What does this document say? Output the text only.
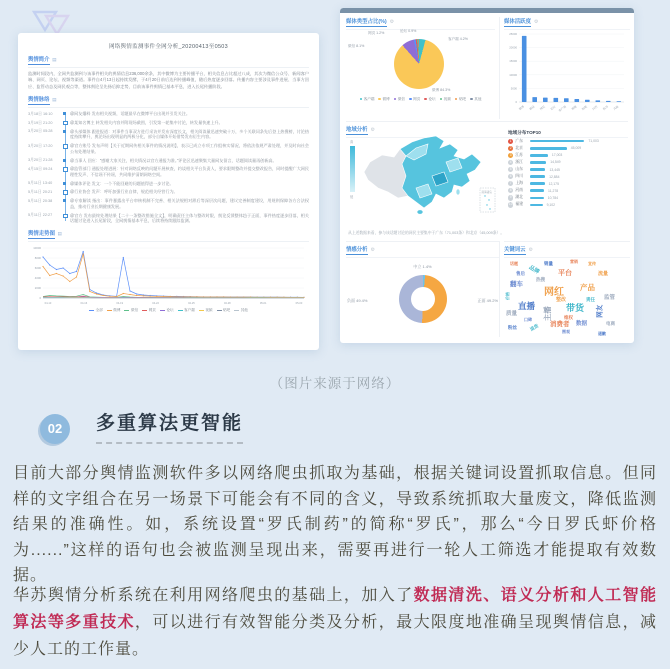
网络舆情监测事件全网分析_20200413至0503
舆情简介 ▤
监测时间段内，全网共监测到与该事件相关的舆情信息236,000余条，其中微博为主要传播平台，相关信息占比超过八成，其次为微信公众号、新闻客户端、网页、论坛、视频等渠道。事件自4月13日起持续发酵，于4月20日前后达到传播峰值，随后热度逐步回落。传播内容主要涉及事件进展、当事方回应、监管动态及网民观点等，整体舆论呈先扬后抑走势，目前该事件舆情已基本平息，进入长尾传播阶段。
舆情脉络 ▤
3月18日 16:10	@网友爆料 发布相关视频，话题最早在微博平台出现并引发关注。
3月19日 21:20	@某知名博主 转发相关内容并附现场截图，引发第一轮集中讨论，转发量快速上升。
3月20日 05:28	@头部媒体 跟进报道：对事件当事双方进行采访并发布深度长文，相关阅读量迅速突破十万，多个关联词条先后登上热搜榜，讨论热度持续攀升，舆论场出现明显的两极分化，部分自媒体开始借势发布衍生内容。
3月20日 17:20	@官方账号 发布声明【关于近期网传相关事件的情况说明】，表示已成立专项工作组核实情况，将依法依规严肃处理，并及时向社会公布处理结果。
3月20日 21:28	@当事人 回应：“感谢大家关注，相关情况以官方通报为准。”评论区迅速聚集大量网友留言，话题阅读量再创新高。
4月15日 09:24	@监管部门 通报处理进展：针对网络反映的问题开展核查，约谈相关平台负责人，要求限期整改并提交整改报告，同时提醒广大网民理性发声、不信谣不传谣，共同维护清朗网络空间。
5月11日 13:40	@媒体评论 发文：一个不能回避的问题值得进一步讨论。
5月11日 20:21	@行业协会 发声：呼吁加强行业自律，规范相关经营行为。
5月11日 20:38	@专家解读 指出：事件暴露出平台审核机制不完善、相关法规相对滞后等深层次问题，建议完善制度建设，用规则保障各方合法权益，推动行业长期健康发展。
5月11日 22:27	@官方 发布最终处理结果【二十一条整改措施全文】，明确责任主体与整改时限，舆论反馈整体趋于正面，事件热度逐步回落，相关话题讨论进入长尾阶段，全网舆情基本平息，后续将持续跟踪监测。
舆情走势图 ▤
0
2000
4000
6000
8000
10000
04-13	04-16	04-19	04-22	04-25	04-28	05-01	05-03
全部	微博	微信	网页	论坛	客户端	视频	贴吧	其他
媒体类型占比(%) ⚙
微博 84.3%
微信 8.1%
客户端 4.2%
网页 1.2%	论坛 0.9%
客户端	微博	微信	网页	论坛	视频	贴吧	其他
媒体活跃度 ⚙
0
5000
10000
15000
20000
25000
微博 微信 网页 论坛 客户端 视频 贴吧 问答 报刊 其他
地域分析 ⚙
高
低
南海诸岛
地域分布TOP10
1	广东	71,003
2	北京	45,009
3	江苏	17,003
4	浙江	14,549
5	山东	13,445
6	四川	12,884
7	上海	12,175
8	河南	11,278
9	湖北	10,784
10 福建	9,102
从上述数据来看，参与该话题讨论的网民主要集中于广东（71,003条）和北京（45,009条）。
情感分析 ⚙
中立 1.4%
正面 49.2%
负面 49.4%
关键词云 ⚙
网红
直播	带货
主播
平台
翻车	产品
网友
品牌
质量
消费者 数据
流量
粉丝	退货
监管
维权
售后
宣传
销量
价格
电商
营销
口碑
整改
道歉
责任
热搜
话题
围观
（图片来源于网络）
02	多重算法更智能

目前大部分舆情监测软件多以网络爬虫抓取为基础，根据关键词设置抓取信息。但同样的文字组合在另一场景下可能会有不同的含义，导致系统抓取大量废文，降低监测结果的准确性。如，系统设置“罗氏制药”的简称“罗氏”，那么“今日罗氏虾价格为......”这样的语句也会被监测呈现出来，需要再进行一轮人工筛选才能提取有效数据。

华苏舆情分析系统在利用网络爬虫的基础上，加入了数据清洗、语义分析和人工智能算法等多重技术，可以进行有效智能分类及分析，最大限度地准确呈现舆情信息，减少人工的工作量。
